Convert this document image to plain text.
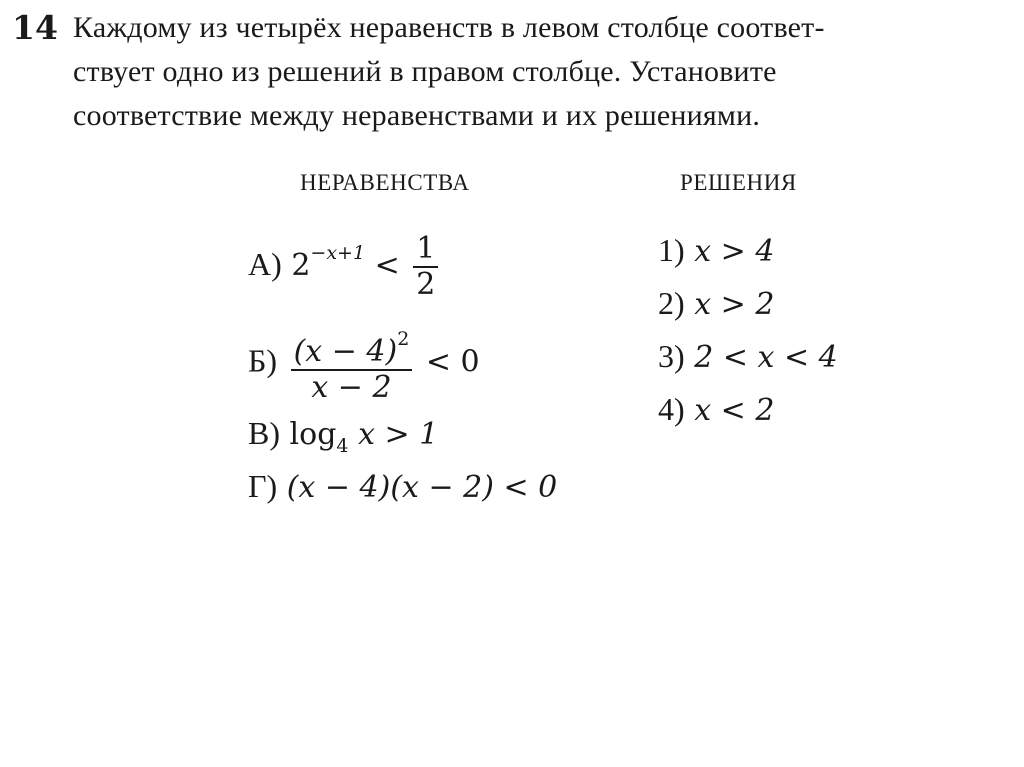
14 Каждому из четырёх неравенств в левом столбце соответ-
ствует одно из решений в правом столбце. Установите
соответствие между неравенствами и их решениями.
НЕРАВЕНСТВА	РЕШЕНИЯ
А) $2^{-x+1} < \frac{1}{2}$
$Б) \frac{(x - 4)^2}{x - 2} < 0$
В) $\log_4 x > 1$
Г) (x − 4)(x − 2) < 0
1) x > 4
2) x > 2
3) 2 < x < 4
4) x < 2
